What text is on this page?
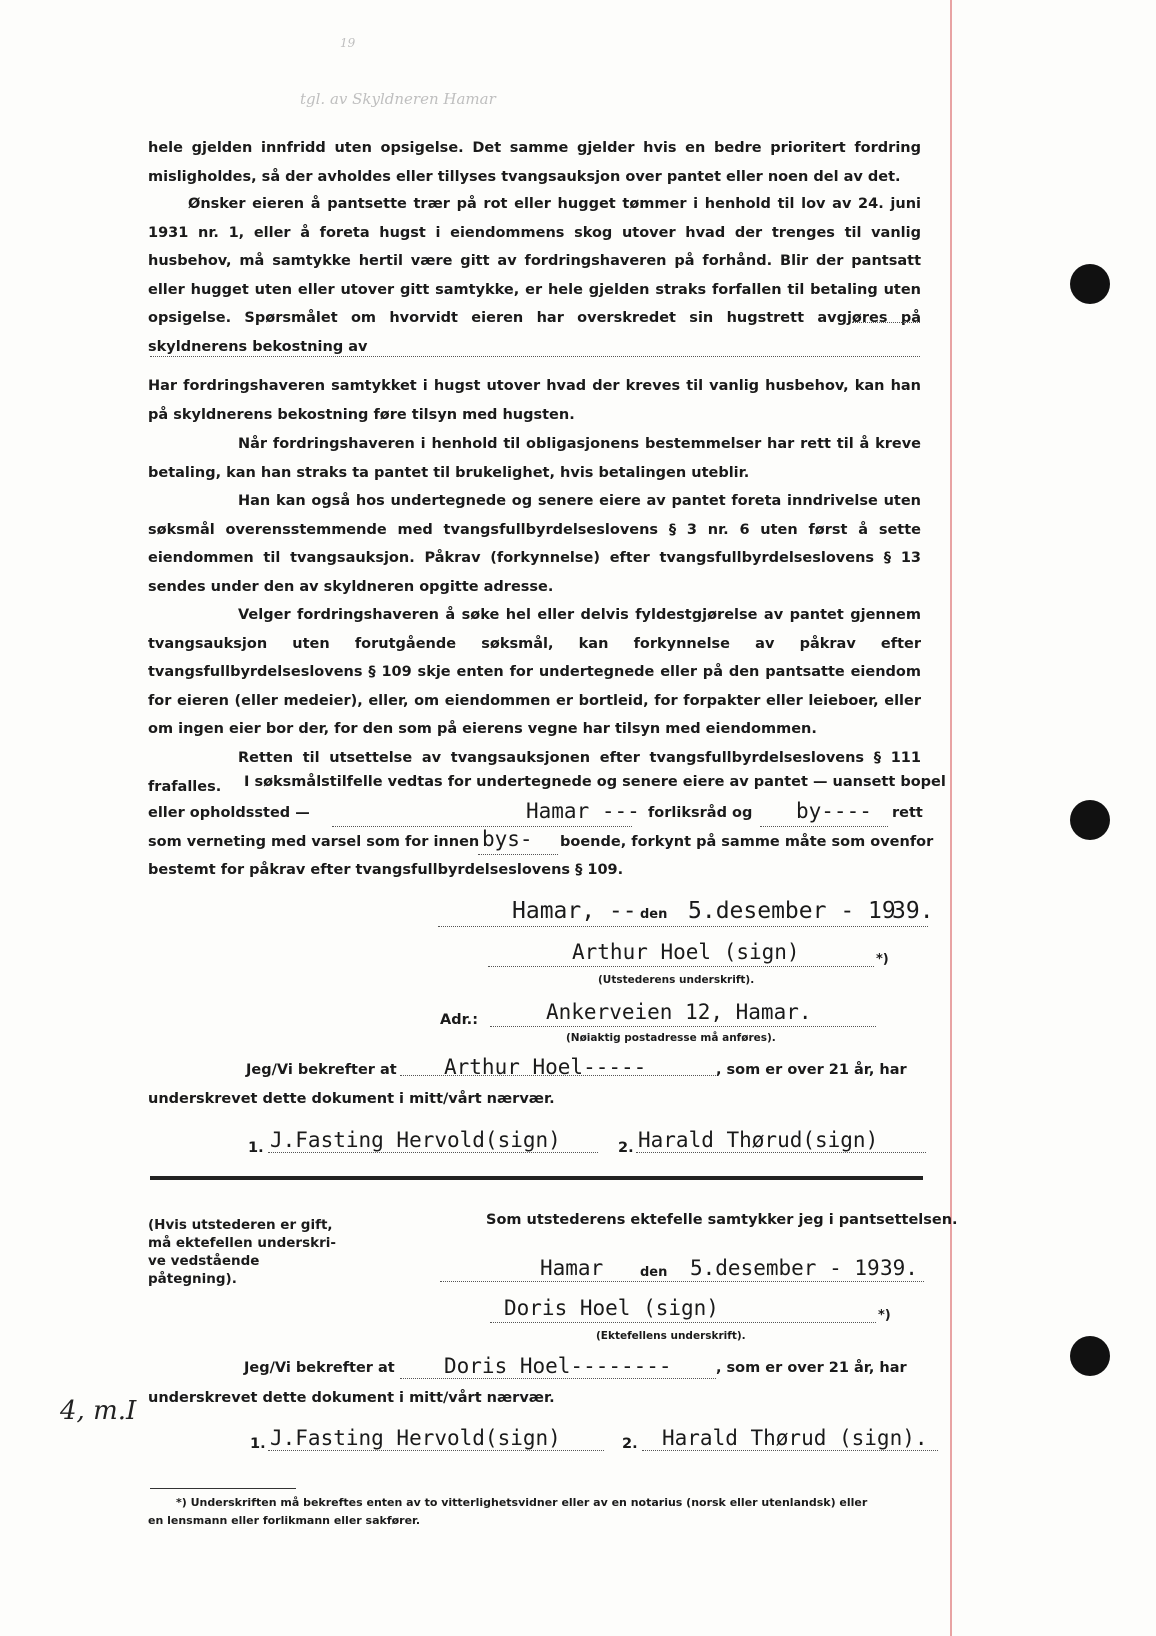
19
tgl. av Skyldneren Hamar
hele gjelden innfridd uten opsigelse. Det samme gjelder hvis en bedre prioritert fordring misligholdes, så der avholdes eller tillyses tvangsauksjon over pantet eller noen del av det.
Ønsker eieren å pantsette trær på rot eller hugget tømmer i henhold til lov av 24. juni 1931 nr. 1, eller å foreta hugst i eiendommens skog utover hvad der trenges til vanlig husbehov, må samtykke hertil være gitt av fordringshaveren på forhånd. Blir der pantsatt eller hugget uten eller utover gitt samtykke, er hele gjelden straks forfallen til betaling uten opsigelse. Spørsmålet om hvorvidt eieren har overskredet sin hugstrett avgjøres på skyldnerens bekostning av
Har fordringshaveren samtykket i hugst utover hvad der kreves til vanlig husbehov, kan han på skyldnerens bekostning føre tilsyn med hugsten.
Når fordringshaveren i henhold til obligasjonens bestemmelser har rett til å kreve betaling, kan han straks ta pantet til brukelighet, hvis betalingen uteblir.
Han kan også hos undertegnede og senere eiere av pantet foreta inndrivelse uten søksmål overensstemmende med tvangsfullbyrdelseslovens § 3 nr. 6 uten først å sette eiendommen til tvangsauksjon. Påkrav (forkynnelse) efter tvangsfullbyrdelseslovens § 13 sendes under den av skyldneren opgitte adresse.
Velger fordringshaveren å søke hel eller delvis fyldestgjørelse av pantet gjennem tvangsauksjon uten forutgående søksmål, kan forkynnelse av påkrav efter tvangsfullbyrdelseslovens § 109 skje enten for undertegnede eller på den pantsatte eiendom for eieren (eller medeier), eller, om eiendommen er bortleid, for forpakter eller leieboer, eller om ingen eier bor der, for den som på eierens vegne har tilsyn med eiendommen.
Retten til utsettelse av tvangsauksjonen efter tvangsfullbyrdelseslovens § 111 frafalles.	I søksmålstilfelle vedtas for undertegnede og senere eiere av pantet — uansett bopel
eller opholdssted —	Hamar --- forliksråd og by---- rett
som verneting med varsel som for innen bys- boende, forkynt på samme måte som ovenfor
bestemt for påkrav efter tvangsfullbyrdelseslovens § 109.
Hamar, -- den 5.desember - 19
39.
Arthur Hoel (sign)	*)
(Utstederens underskrift).
Adr.:	Ankerveien 12, Hamar.
(Nøiaktig postadresse må anføres).
Jeg/Vi bekrefter at Arthur Hoel-----	, som er over 21 år, har
underskrevet dette dokument i mitt/vårt nærvær.
1. J.Fasting Hervold(sign)	2. Harald Thørud(sign)
(Hvis utstederen er gift,
må ektefellen underskri-
ve vedstående påtegning).
Som utstederens ektefelle samtykker jeg i pantsettelsen.
Hamar	den 5.desember - 19 39.
Doris Hoel (sign)	*)
(Ektefellens underskrift).
Jeg/Vi bekrefter at Doris Hoel--------	, som er over 21 år, har
underskrevet dette dokument i mitt/vårt nærvær.
1. J.Fasting Hervold(sign)	2. Harald Thørud (sign).
4, m.I
*) Underskriften må bekreftes enten av to vitterlighetsvidner eller av en notarius (norsk eller utenlandsk) eller
en lensmann eller forlikmann eller sakfører.
